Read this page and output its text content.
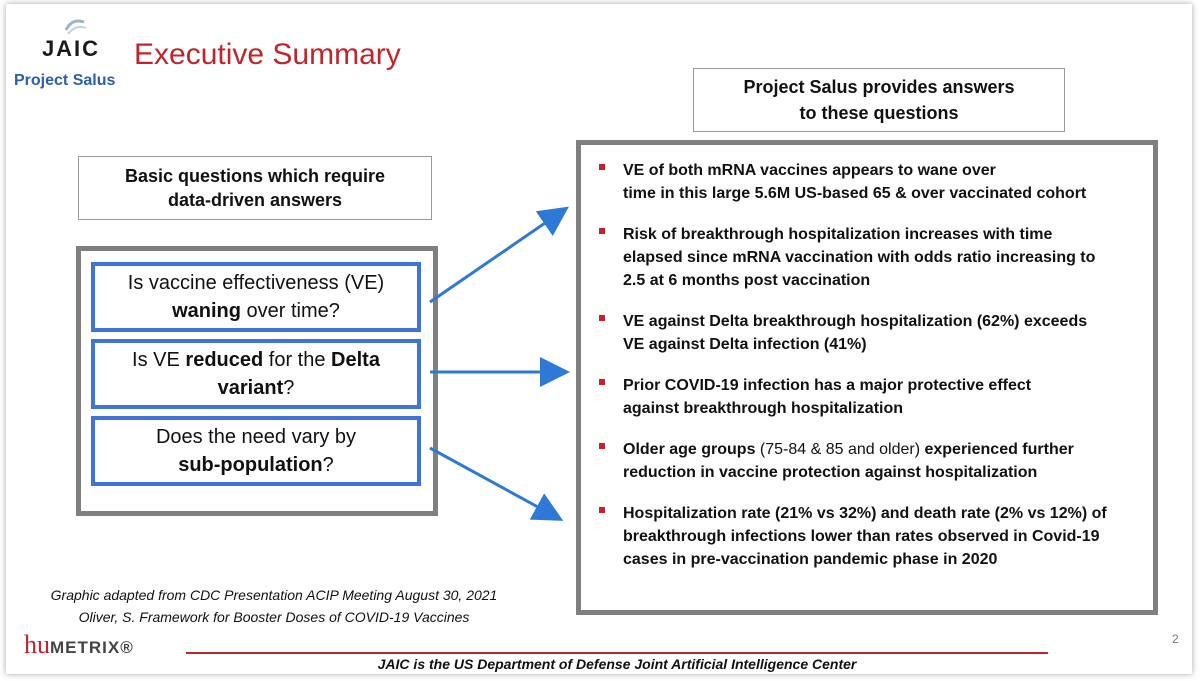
JAIC
Project Salus
Executive Summary
Basic questions which require
data-driven answers
Is vaccine effectiveness (VE)
waning over time?
Is VE reduced for the Delta
variant?
Does the need vary by
sub-population?
Project Salus provides answers
to these questions
VE of both mRNA vaccines appears to wane over
time in this large 5.6M US-based 65 & over vaccinated cohort
Risk of breakthrough hospitalization increases with time
elapsed since mRNA vaccination with odds ratio increasing to
2.5 at 6 months post vaccination
VE against Delta breakthrough hospitalization (62%) exceeds
VE against Delta infection (41%)
Prior COVID-19 infection has a major protective effect
against breakthrough hospitalization
Older age groups (75-84 & 85 and older) experienced further
reduction in vaccine protection against hospitalization
Hospitalization rate (21% vs 32%) and death rate (2% vs 12%) of
breakthrough infections lower than rates observed in Covid-19
cases in pre-vaccination pandemic phase in 2020
Graphic adapted from CDC Presentation ACIP Meeting August 30, 2021
Oliver, S. Framework for Booster Doses of COVID-19 Vaccines
huMETRIX®
JAIC is the US Department of Defense Joint Artificial Intelligence Center
2
